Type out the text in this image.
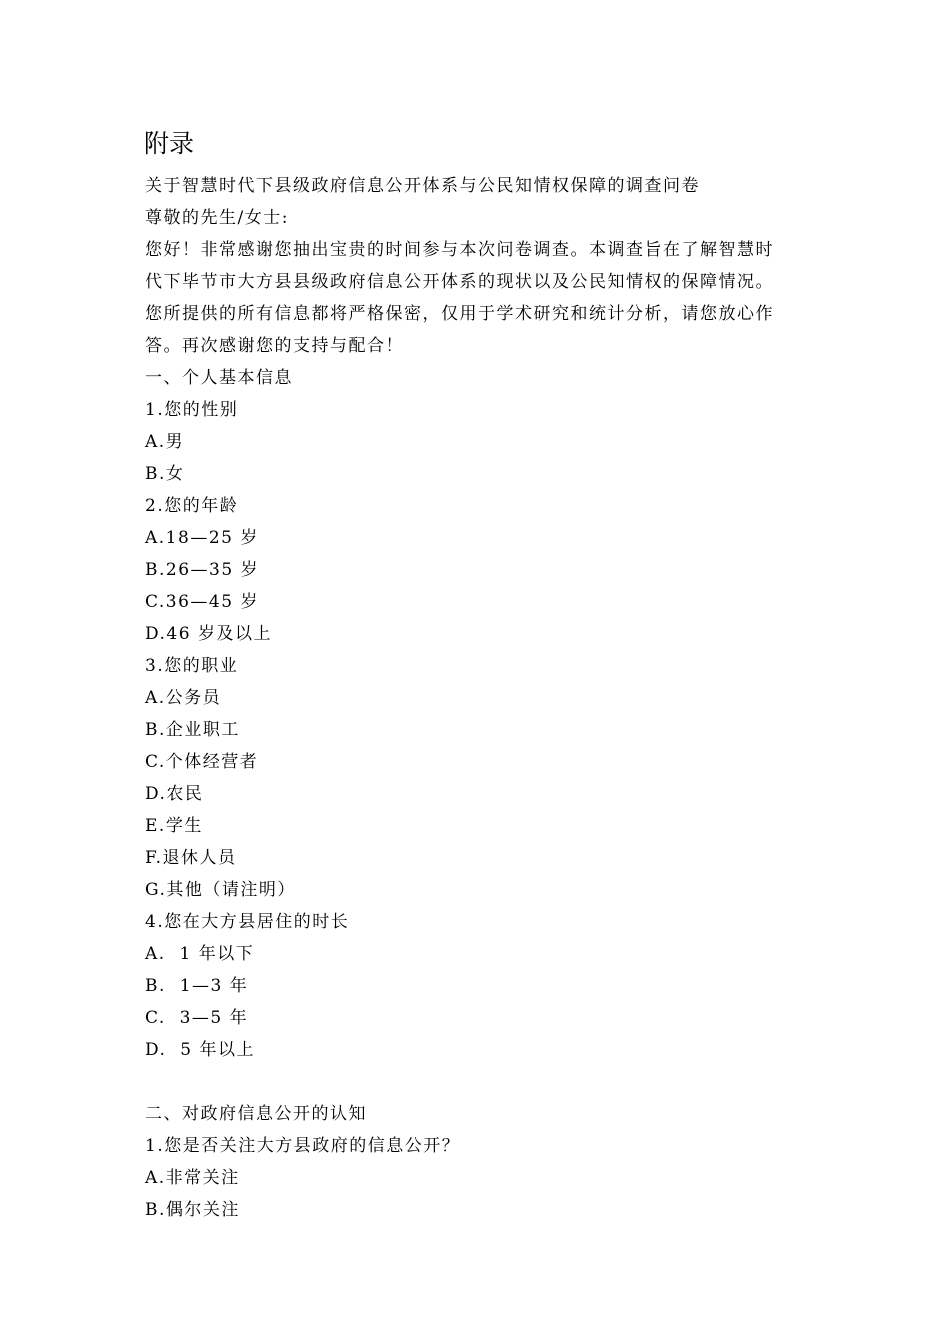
附录
关于智慧时代下县级政府信息公开体系与公民知情权保障的调查问卷
尊敬的先生/女士:
您好！非常感谢您抽出宝贵的时间参与本次问卷调查。本调查旨在了解智慧时
代下毕节市大方县县级政府信息公开体系的现状以及公民知情权的保障情况。
您所提供的所有信息都将严格保密，仅用于学术研究和统计分析，请您放心作
答。再次感谢您的支持与配合！
一、个人基本信息
1.您的性别
A.男
B.女
2.您的年龄
A.18—25 岁
B.26—35 岁
C.36—45 岁
D.46 岁及以上
3.您的职业
A.公务员
B.企业职工
C.个体经营者
D.农民
E.学生
F.退休人员
G.其他（请注明）
4.您在大方县居住的时长
A.  1 年以下
B.  1—3 年
C.  3—5 年
D.  5 年以上
二、对政府信息公开的认知
1.您是否关注大方县政府的信息公开？
A.非常关注
B.偶尔关注
